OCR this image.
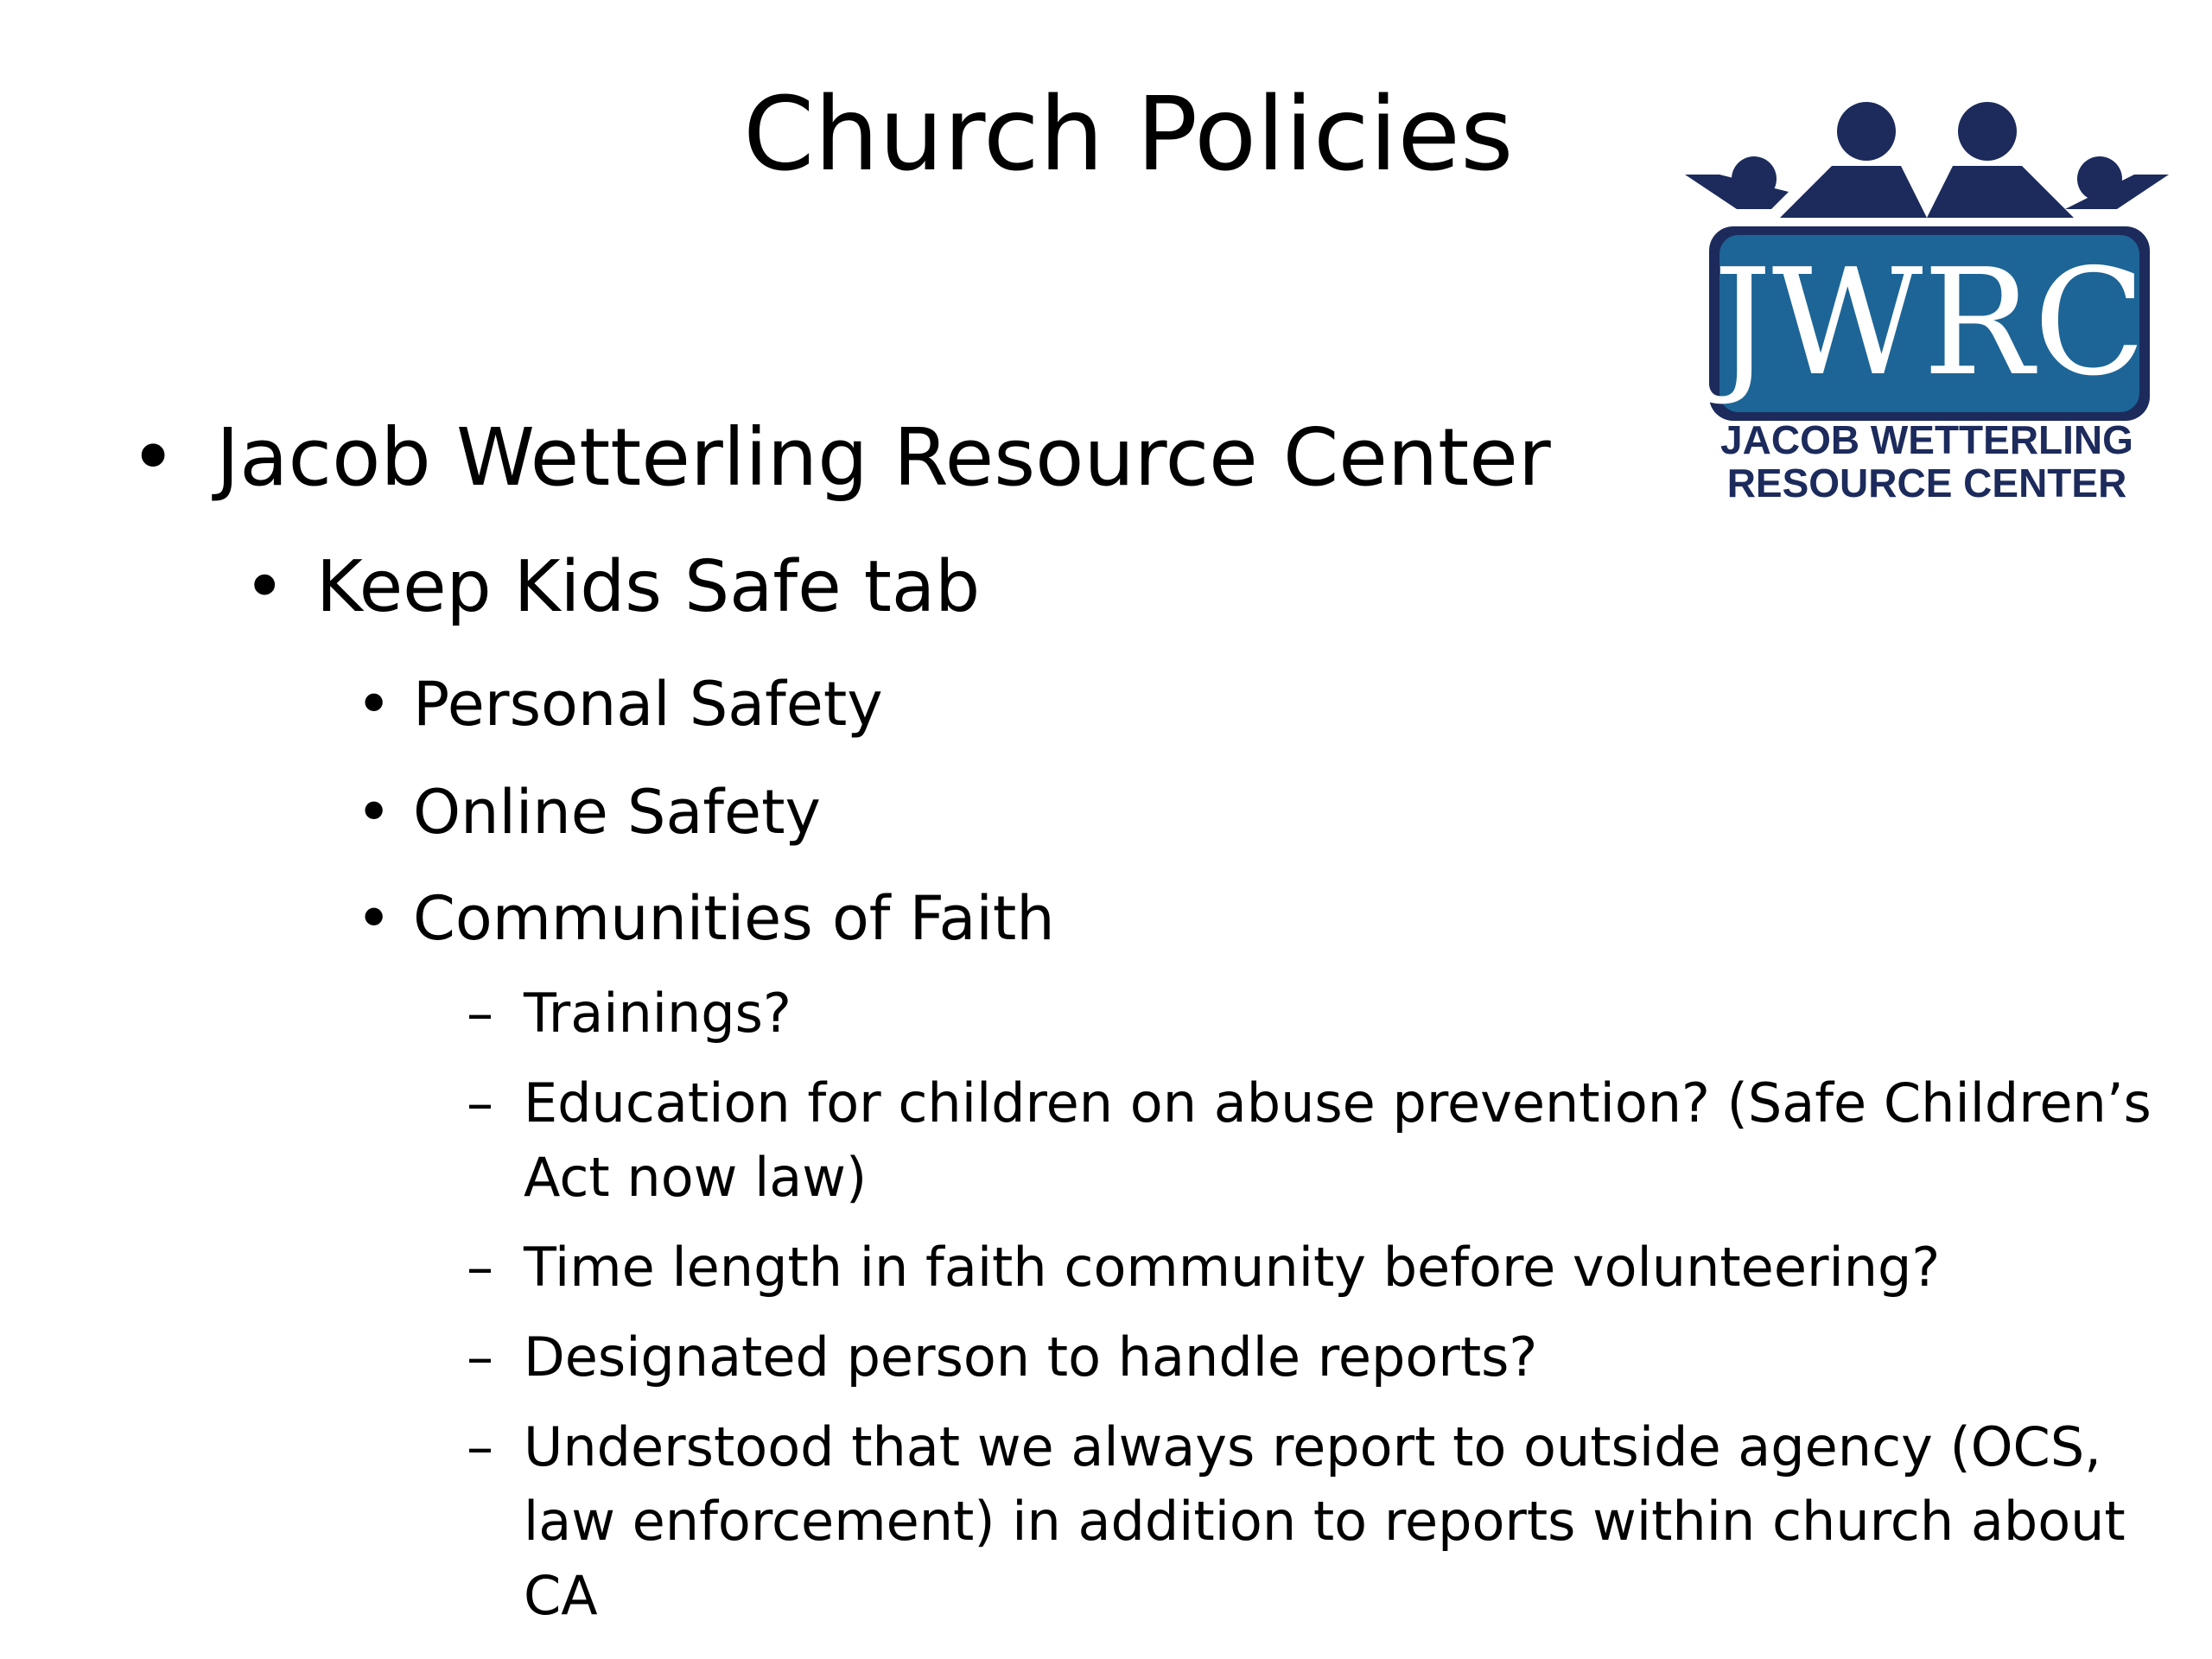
Church Policies
JWRC
JACOB WETTERLING
RESOURCE CENTER
• Jacob Wetterling Resource Center
• Keep Kids Safe tab
• Personal Safety
• Online Safety
• Communities of Faith
– Trainings?
– Education for children on abuse prevention? (Safe Children’s Act now law)
– Time length in faith community before volunteering?
– Designated person to handle reports?
– Understood that we always report to outside agency (OCS, law enforcement) in addition to reports within church about CA
